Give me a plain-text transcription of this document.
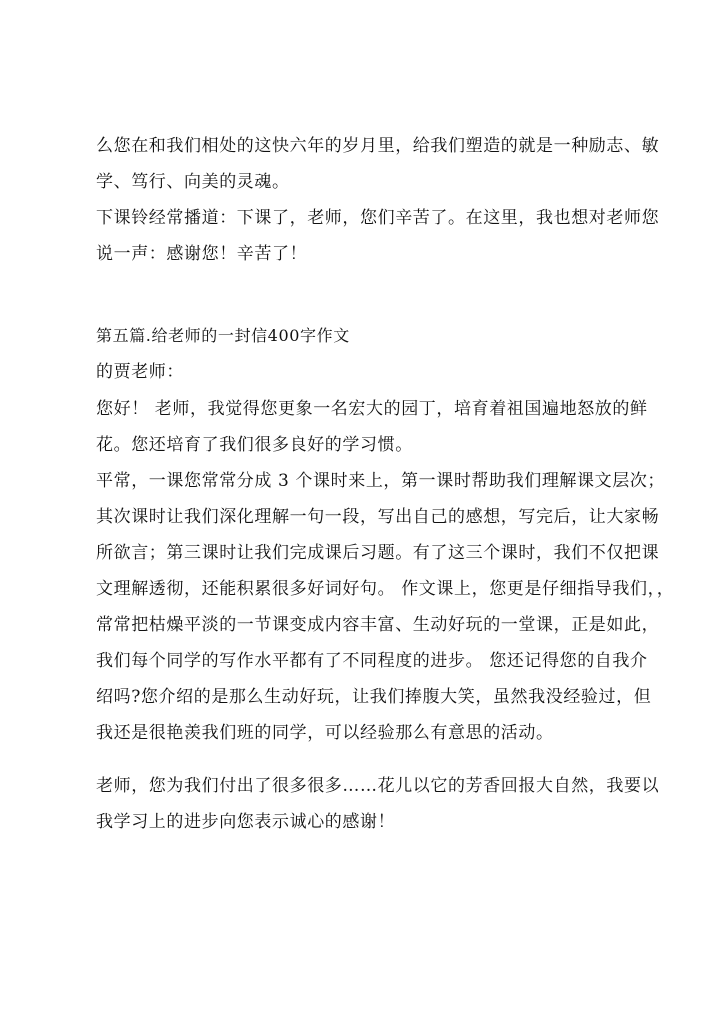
么您在和我们相处的这快六年的岁月里，给我们塑造的就是一种励志、敏
学、笃行、向美的灵魂。

下课铃经常播道：下课了，老师，您们辛苦了。在这里，我也想对老师您
说一声：感谢您！辛苦了！

第五篇.给老师的一封信400字作文

的贾老师：

您好！ 老师，我觉得您更象一名宏大的园丁，培育着祖国遍地怒放的鲜
花。您还培育了我们很多良好的学习惯。

平常，一课您常常分成 3 个课时来上，第一课时帮助我们理解课文层次；
其次课时让我们深化理解一句一段，写出自己的感想，写完后，让大家畅
所欲言；第三课时让我们完成课后习题。有了这三个课时，我们不仅把课
文理解透彻，还能积累很多好词好句。 作文课上，您更是仔细指导我们，，
常常把枯燥平淡的一节课变成内容丰富、生动好玩的一堂课，正是如此，
我们每个同学的写作水平都有了不同程度的进步。 您还记得您的自我介
绍吗?您介绍的是那么生动好玩，让我们捧腹大笑，虽然我没经验过，但
我还是很艳羡我们班的同学，可以经验那么有意思的活动。

老师，您为我们付出了很多很多……花儿以它的芳香回报大自然，我要以
我学习上的进步向您表示诚心的感谢！
